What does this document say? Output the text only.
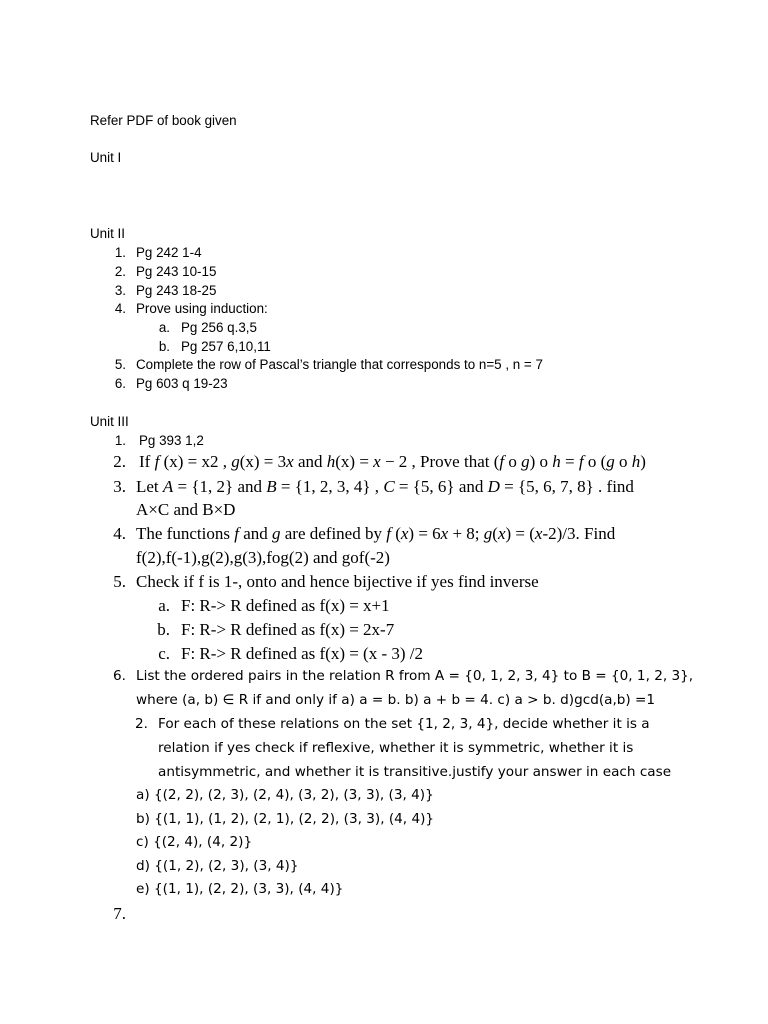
Refer PDF of book given
Unit I
Unit II
1. Pg 242 1-4
2. Pg 243 10-15
3. Pg 243 18-25
4. Prove using induction:
a. Pg 256 q.3,5
b. Pg 257 6,10,11
5. Complete the row of Pascal’s triangle that corresponds to n=5 , n = 7
6. Pg 603 q 19-23
Unit III
1. Pg 393 1,2
2. If f (x) = x2 , g(x) = 3x and h(x) = x − 2 , Prove that (f ο g) ο h = f ο (g ο h)
3. Let A = {1, 2} and B = {1, 2, 3, 4} , C = {5, 6} and D = {5, 6, 7, 8} . find
A×C and B×D
4. The functions f and g are defined by f (x) = 6x + 8; g(x) = (x-2)/3. Find
f(2),f(-1),g(2),g(3),fog(2) and gof(-2)
5. Check if f is 1-, onto and hence bijective if yes find inverse
a. F: R-> R defined as f(x) = x+1
b. F: R-> R defined as f(x) = 2x-7
c. F: R-> R defined as f(x) = (x - 3) /2
6. List the ordered pairs in the relation R from A = {0, 1, 2, 3, 4} to B = {0, 1, 2, 3},
where (a, b) ∈ R if and only if a) a = b. b) a + b = 4. c) a > b. d)gcd(a,b) =1
2. For each of these relations on the set {1, 2, 3, 4}, decide whether it is a
relation if yes check if reflexive, whether it is symmetric, whether it is
antisymmetric, and whether it is transitive.justify your answer in each case
a) {(2, 2), (2, 3), (2, 4), (3, 2), (3, 3), (3, 4)}
b) {(1, 1), (1, 2), (2, 1), (2, 2), (3, 3), (4, 4)}
c) {(2, 4), (4, 2)}
d) {(1, 2), (2, 3), (3, 4)}
e) {(1, 1), (2, 2), (3, 3), (4, 4)}
7.
